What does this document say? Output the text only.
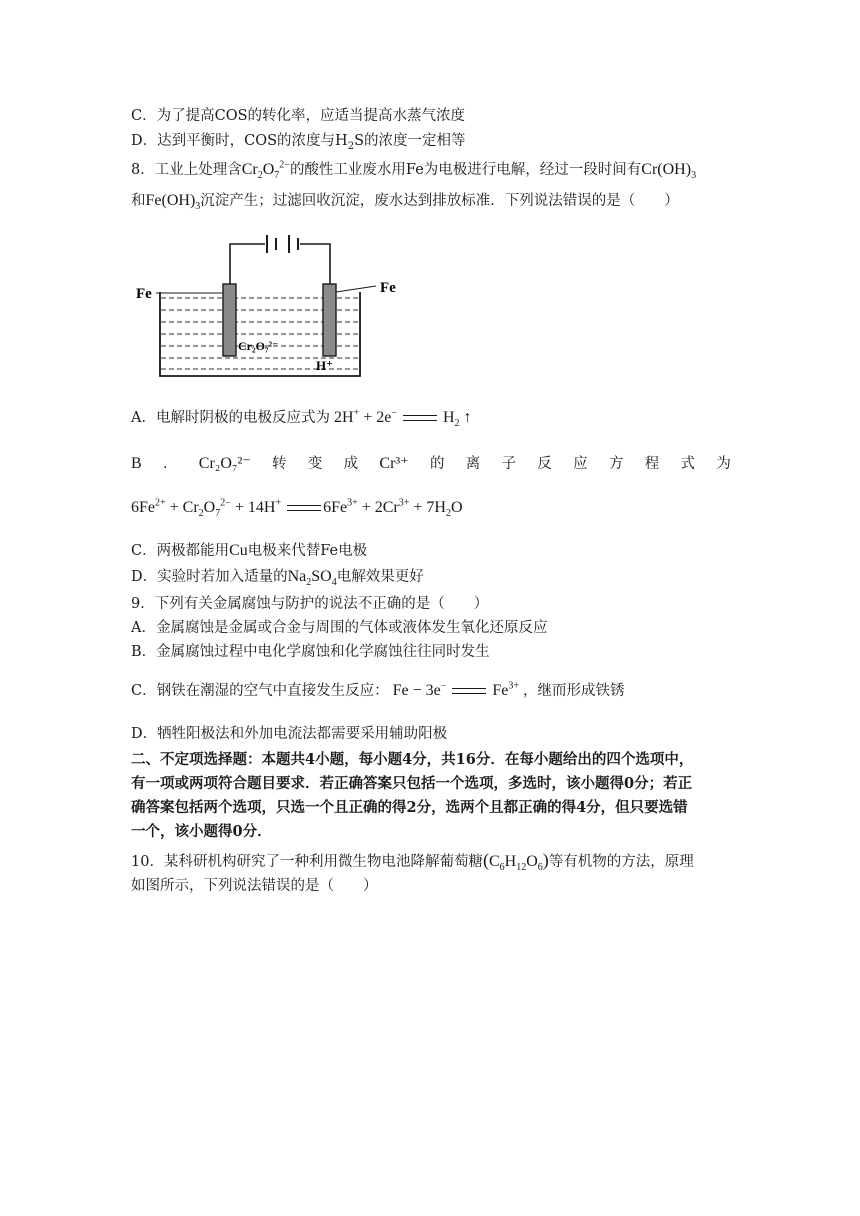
C．为了提高COS的转化率，应适当提高水蒸气浓度
D．达到平衡时，COS的浓度与$H_2S$的浓度一定相等
8．工业上处理含$Cr_2O_7^{2-}$的酸性工业废水用Fe为电极进行电解，经过一段时间有$Cr(OH)_3$
和$Fe(OH)_3$沉淀产生；过滤回收沉淀，废水达到排放标准．下列说法错误的是（　　）
Fe	Fe
Cr₂O₇²⁻
H⁺
A．电解时阴极的电极反应式为 2H+ + 2e−	$H_2$ ↑
B ． Cr₂O₇²⁻ 转 变 成 Cr³⁺ 的 离 子 反 应 方 程 式 为
$6Fe^{2+} + Cr_2O_7^{2-} + 14H^+$	$6Fe^{3+} + 2Cr^{3+} + 7H_2O$
C．两极都能用Cu电极来代替Fe电极
D．实验时若加入适量的$Na_2SO_4$电解效果更好
9．下列有关金属腐蚀与防护的说法不正确的是（　　）
A．金属腐蚀是金属或合金与周围的气体或液体发生氧化还原反应
B．金属腐蚀过程中电化学腐蚀和化学腐蚀往往同时发生
C．钢铁在潮湿的空气中直接发生反应： Fe − 3e−	$Fe^{3+}$ ，继而形成铁锈
D．牺牲阳极法和外加电流法都需要采用辅助阳极
二、不定项选择题：本题共4小题，每小题4分，共16分．在每小题给出的四个选项中，
有一项或两项符合题目要求．若正确答案只包括一个选项，多选时，该小题得0分；若正
确答案包括两个选项，只选一个且正确的得2分，选两个且都正确的得4分，但只要选错
一个，该小题得0分．
10．某科研机构研究了一种利用微生物电池降解葡萄糖$(C_6H_{12}O_6)$等有机物的方法，原理
如图所示，下列说法错误的是（　　）
